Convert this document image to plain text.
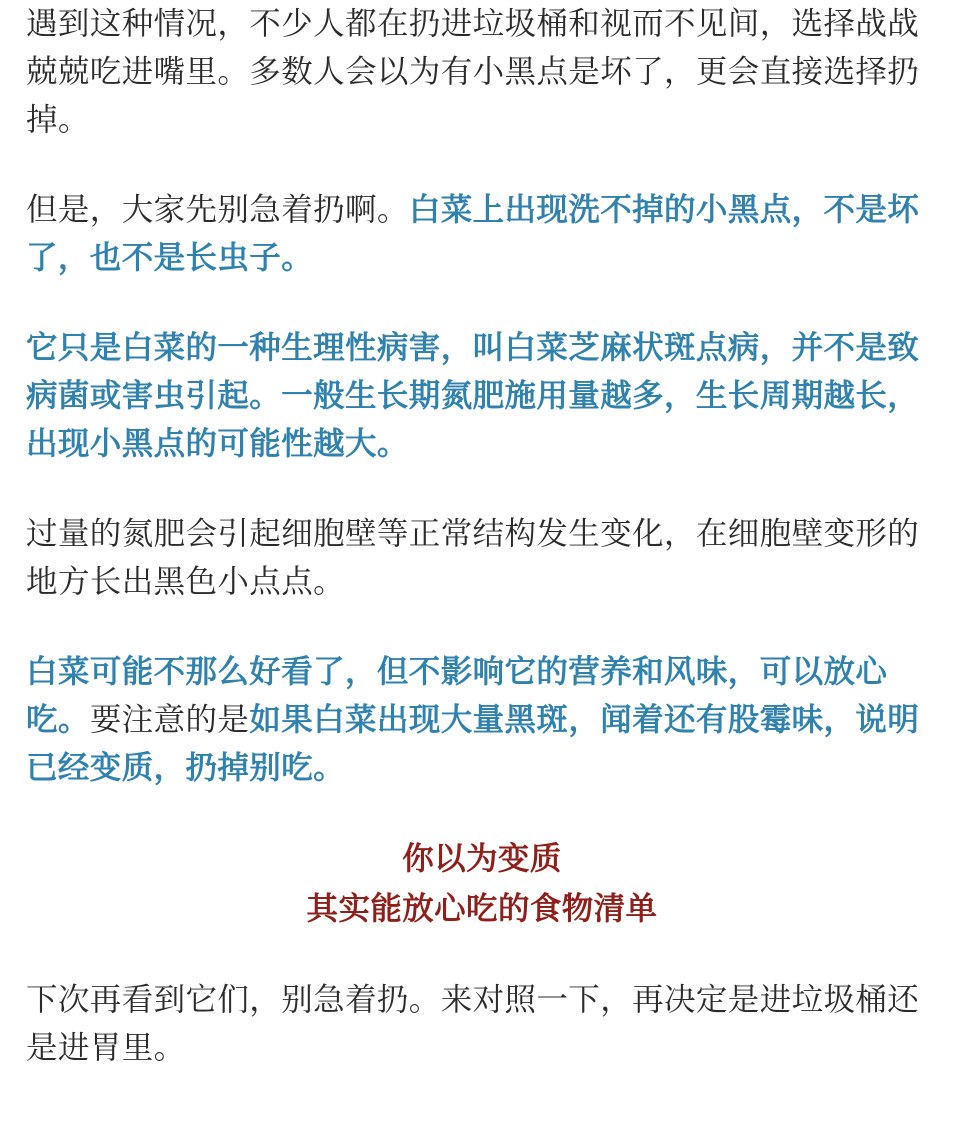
遇到这种情况，不少人都在扔进垃圾桶和视而不见间，选择战战兢兢吃进嘴里。多数人会以为有小黑点是坏了，更会直接选择扔掉。

但是，大家先别急着扔啊。白菜上出现洗不掉的小黑点，不是坏了，也不是长虫子。

它只是白菜的一种生理性病害，叫白菜芝麻状斑点病，并不是致病菌或害虫引起。一般生长期氮肥施用量越多，生长周期越长，出现小黑点的可能性越大。

过量的氮肥会引起细胞壁等正常结构发生变化，在细胞壁变形的地方长出黑色小点点。

白菜可能不那么好看了，但不影响它的营养和风味，可以放心吃。要注意的是如果白菜出现大量黑斑，闻着还有股霉味，说明已经变质，扔掉别吃。

你以为变质
其实能放心吃的食物清单

下次再看到它们，别急着扔。来对照一下，再决定是进垃圾桶还是进胃里。
